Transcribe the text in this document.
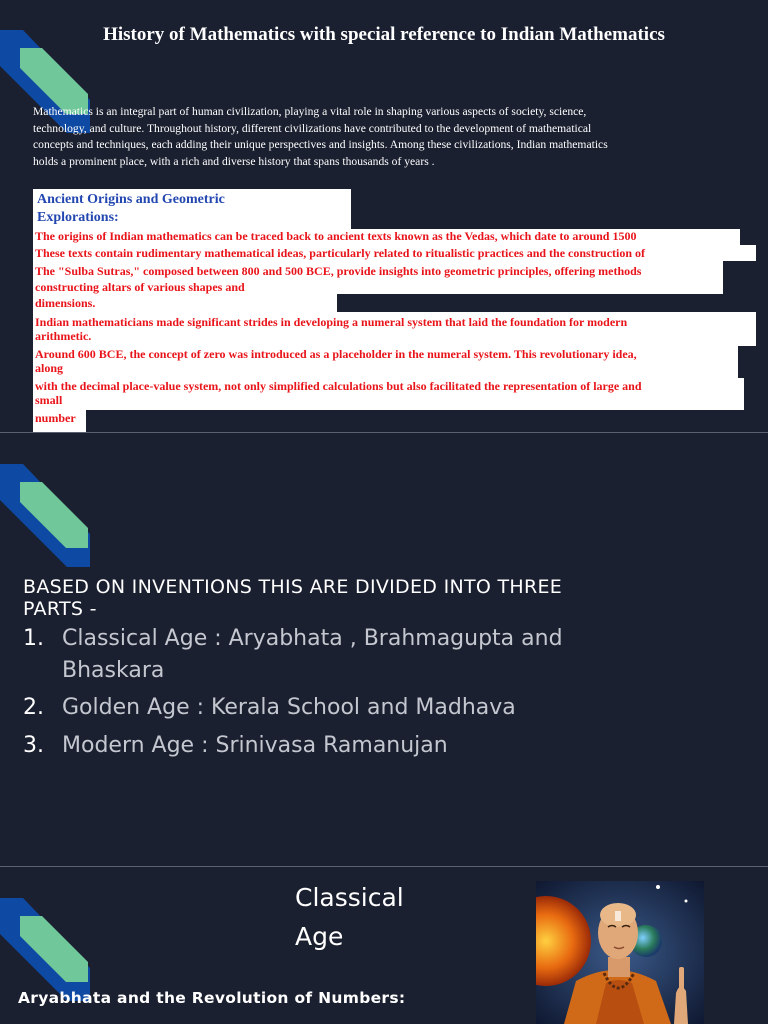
History of Mathematics with special reference to Indian Mathematics
Mathematics is an integral part of human civilization, playing a vital role in shaping various aspects of society, science,
technology, and culture. Throughout history, different civilizations have contributed to the development of mathematical
concepts and techniques, each adding their unique perspectives and insights. Among these civilizations, Indian mathematics
holds a prominent place, with a rich and diverse history that spans thousands of years .
Ancient Origins and Geometric
Explorations:
The origins of Indian mathematics can be traced back to ancient texts known as the Vedas, which date to around 1500
These texts contain rudimentary mathematical ideas, particularly related to ritualistic practices and the construction of
The "Sulba Sutras," composed between 800 and 500 BCE, provide insights into geometric principles, offering methods
constructing altars of various shapes and
dimensions.
Indian mathematicians made significant strides in developing a numeral system that laid the foundation for modern
arithmetic.
Around 600 BCE, the concept of zero was introduced as a placeholder in the numeral system. This revolutionary idea,
along
with the decimal place-value system, not only simplified calculations but also facilitated the representation of large and
small
number
BASED ON INVENTIONS THIS ARE DIVIDED INTO THREE
PARTS -
1. Classical Age : Aryabhata , Brahmagupta and
Bhaskara
2. Golden Age : Kerala School and Madhava
3. Modern Age : Srinivasa Ramanujan
Classical
Age
Aryabhata and the Revolution of Numbers:
